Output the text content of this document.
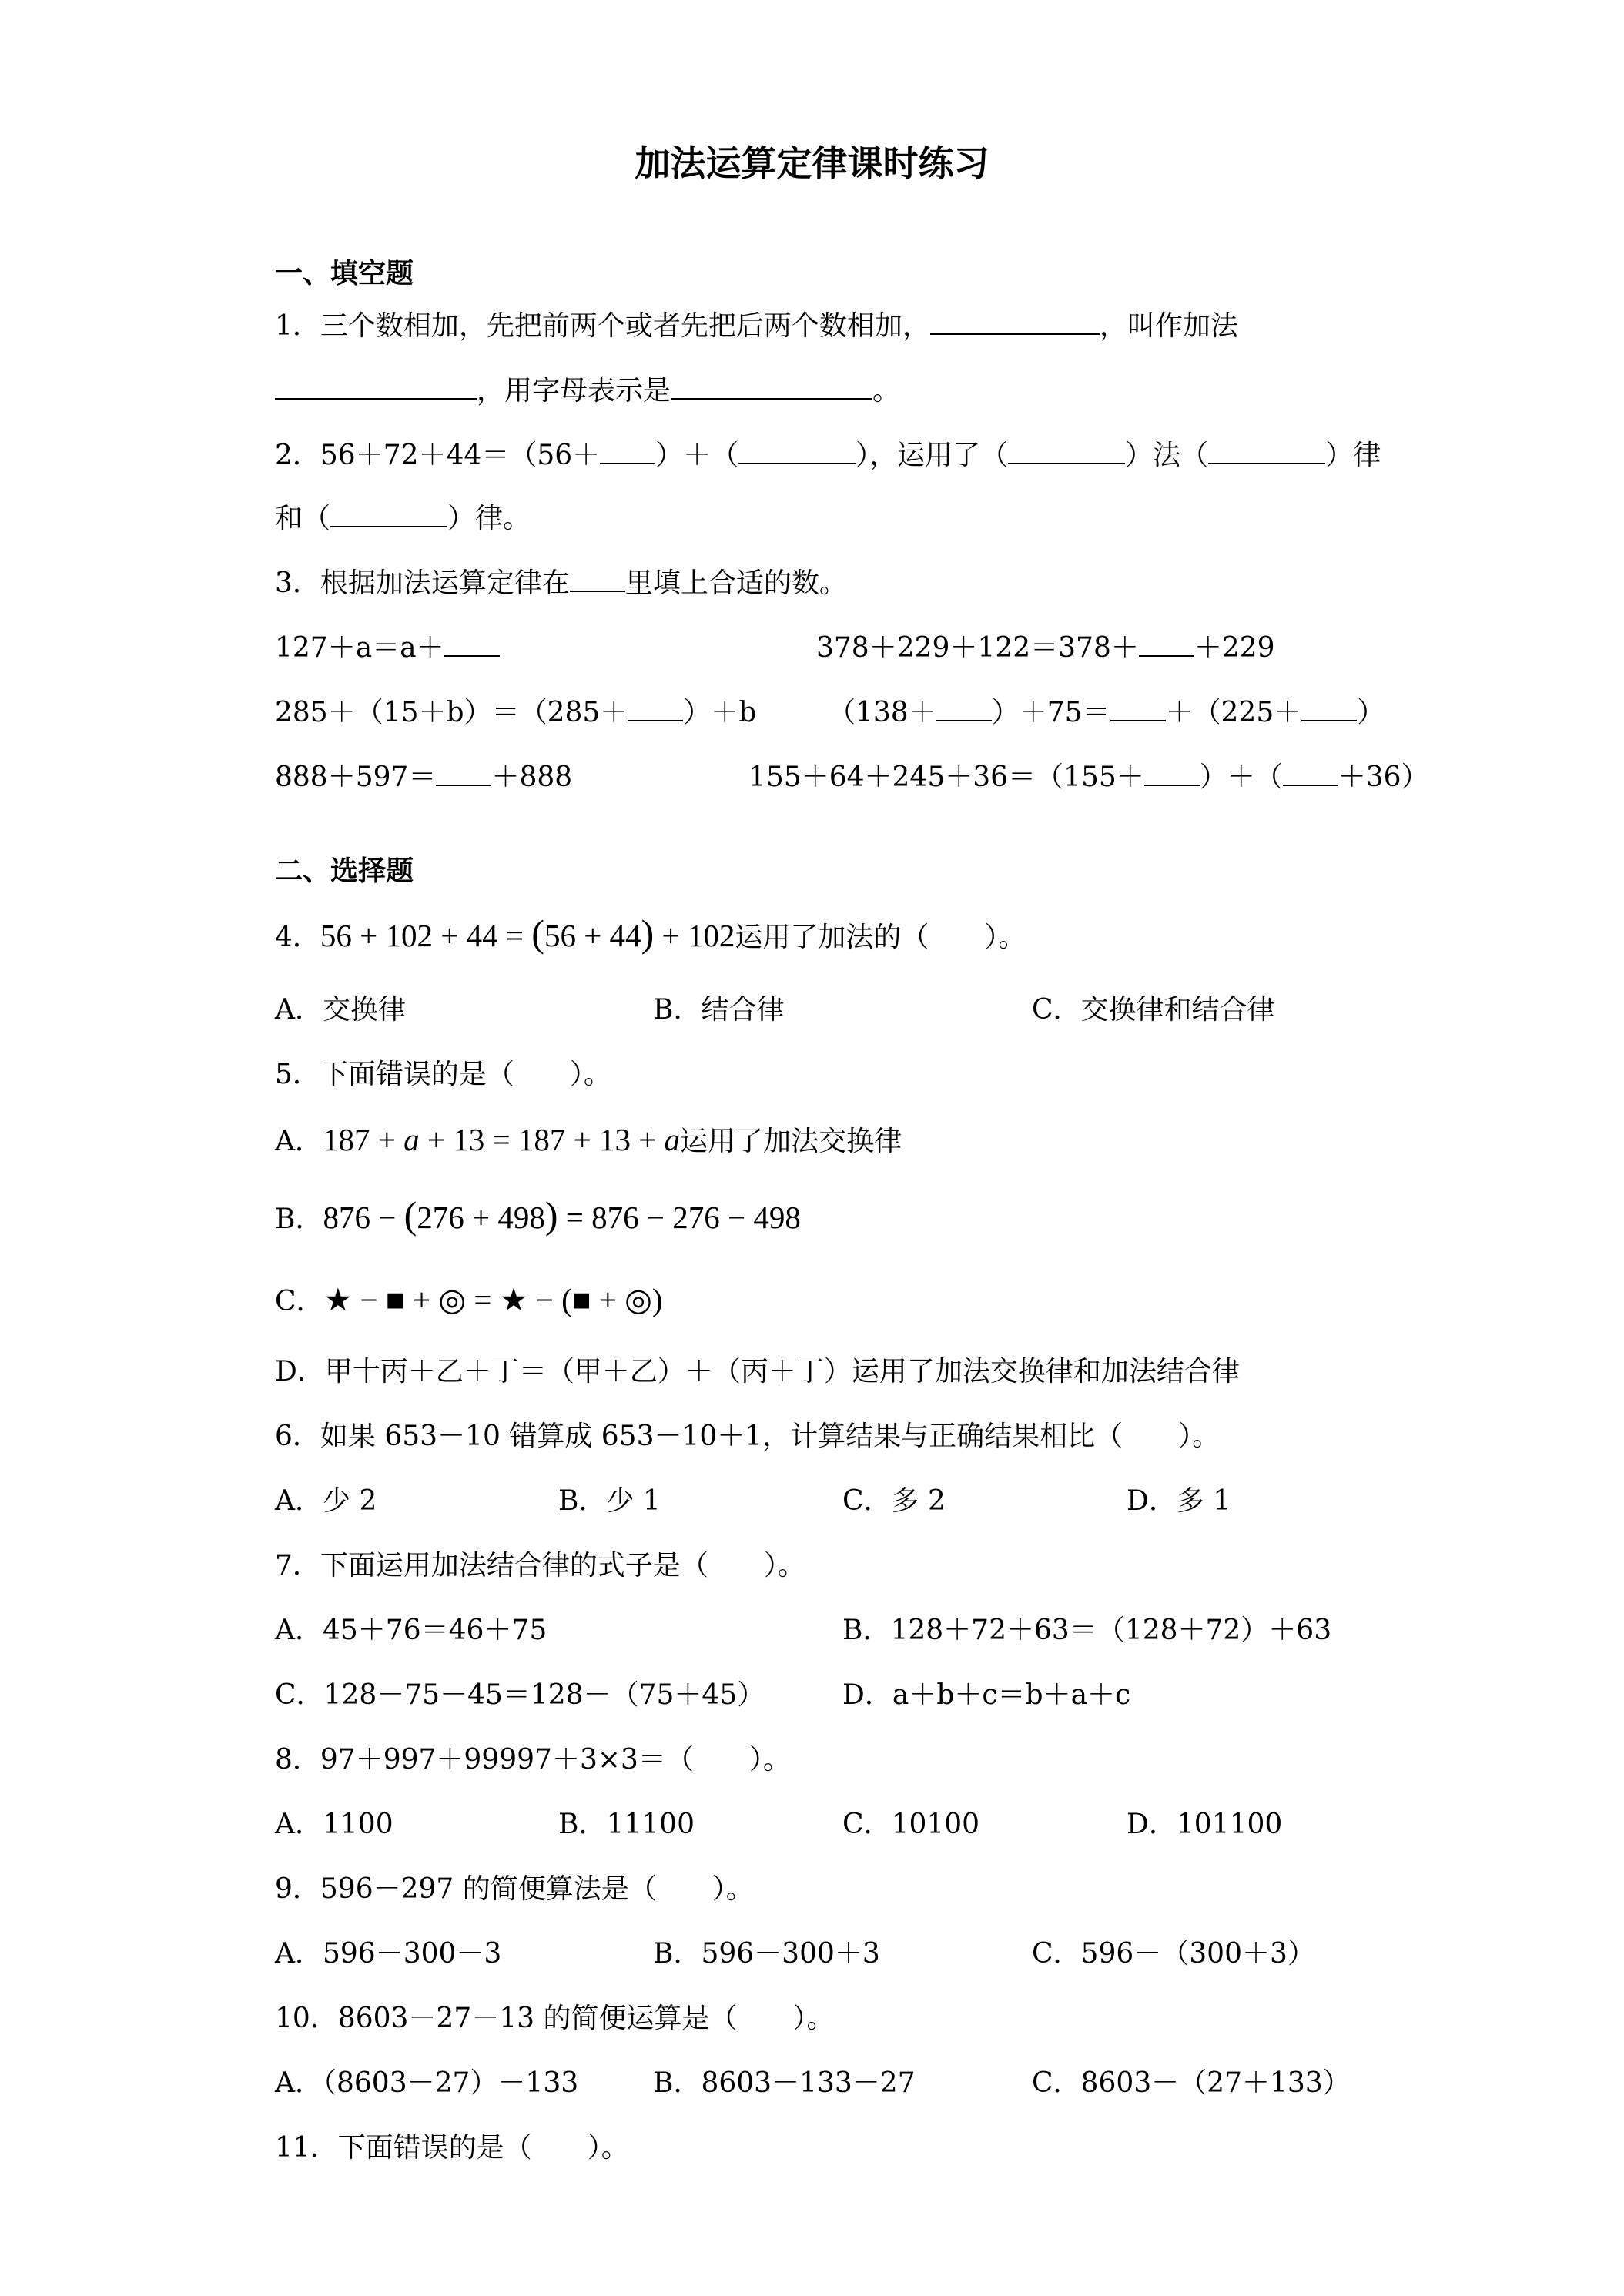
加法运算定律课时练习
一、填空题
1．三个数相加，先把前两个或者先把后两个数相加，	，叫作加法
，用字母表示是	。
2．56＋72＋44＝（56＋ ）＋（	），运用了（	）法（	）律
和（	）律。
3．根据加法运算定律在 里填上合适的数。
127＋a＝a＋	378＋229＋122＝378＋ ＋229
285＋（15＋b）＝（285＋ ）＋b	（138＋ ）＋75＝ ＋（225＋ ）
888＋597＝ ＋888	155＋64＋245＋36＝（155＋ ）＋（ ＋36）
二、选择题
4．56 + 102 + 44 = (56 + 44) + 102运用了加法的（　　）。
A．交换律	B．结合律	C．交换律和结合律
5．下面错误的是（　　）。
A．187 + a + 13 = 187 + 13 + a运用了加法交换律
B．876 − (276 + 498) = 876 − 276 − 498
C．★ − ■ + ◎ = ★ − (■ + ◎)
D．甲十丙＋乙＋丁＝（甲＋乙）＋（丙＋丁）运用了加法交换律和加法结合律
6．如果 653－10 错算成 653－10＋1，计算结果与正确结果相比（　　）。
A．少 2	B．少 1	C．多 2	D．多 1
7．下面运用加法结合律的式子是（　　）。
A．45＋76＝46＋75	B．128＋72＋63＝（128＋72）＋63
C．128－75－45＝128－（75＋45）	D．a＋b＋c＝b＋a＋c
8．97＋997＋99997＋3×3＝（　　）。
A．1100	B．11100	C．10100	D．101100
9．596－297 的简便算法是（　　）。
A．596－300－3	B．596－300＋3	C．596－（300＋3）
10．8603－27－13 的简便运算是（　　）。
A．（8603－27）－133	B．8603－133－27	C．8603－（27＋133）
11．下面错误的是（　　）。
